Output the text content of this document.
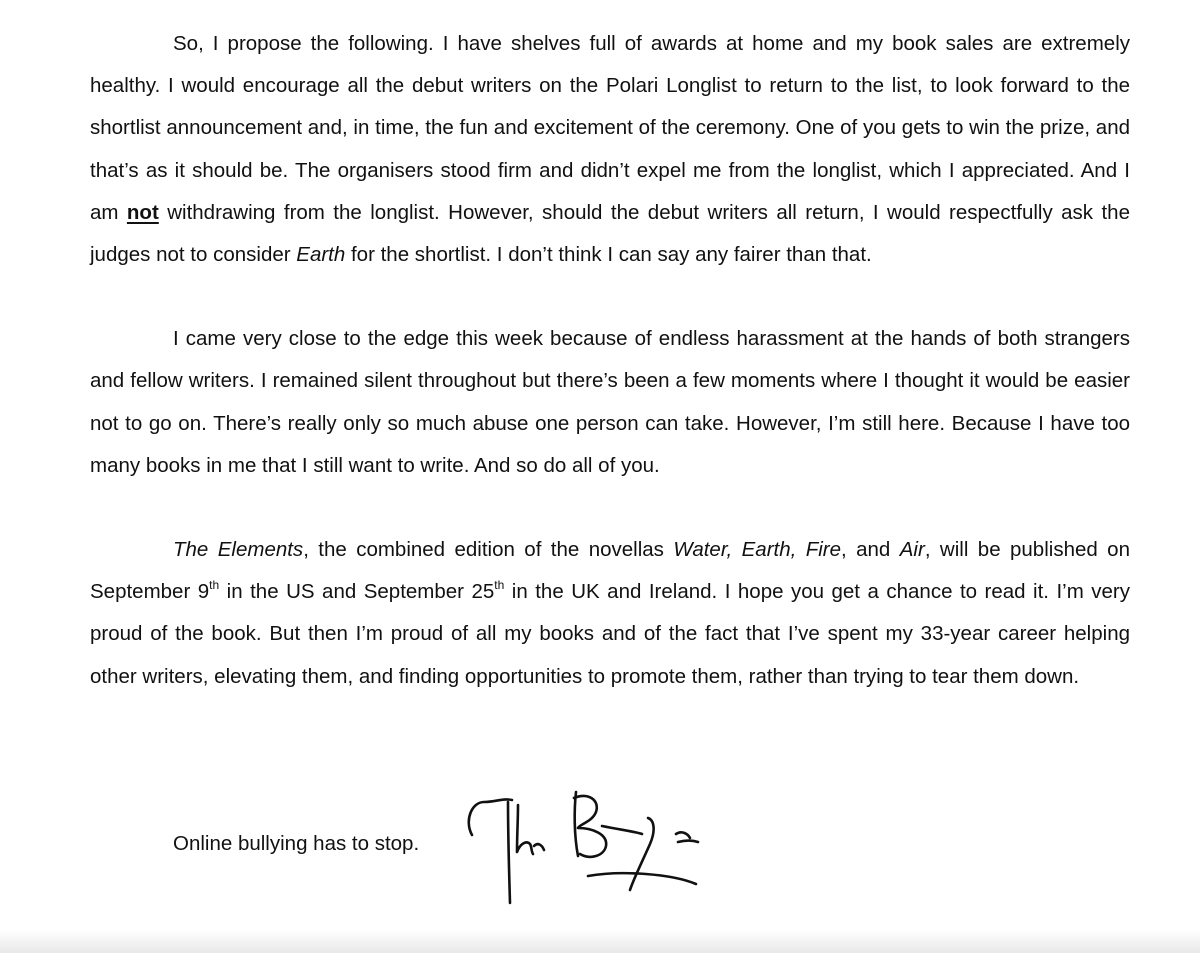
So, I propose the following. I have shelves full of awards at home and my book sales are extremely healthy. I would encourage all the debut writers on the Polari Longlist to return to the list, to look forward to the shortlist announcement and, in time, the fun and excitement of the ceremony. One of you gets to win the prize, and that’s as it should be. The organisers stood firm and didn’t expel me from the longlist, which I appreciated. And I am not withdrawing from the longlist. However, should the debut writers all return, I would respectfully ask the judges not to consider Earth for the shortlist. I don’t think I can say any fairer than that.

I came very close to the edge this week because of endless harassment at the hands of both strangers and fellow writers. I remained silent throughout but there’s been a few moments where I thought it would be easier not to go on. There’s really only so much abuse one person can take. However, I’m still here. Because I have too many books in me that I still want to write. And so do all of you.

The Elements, the combined edition of the novellas Water, Earth, Fire, and Air, will be published on September 9th in the US and September 25th in the UK and Ireland. I hope you get a chance to read it. I’m very proud of the book. But then I’m proud of all my books and of the fact that I’ve spent my 33-year career helping other writers, elevating them, and finding opportunities to promote them, rather than trying to tear them down.

Online bullying has to stop.
